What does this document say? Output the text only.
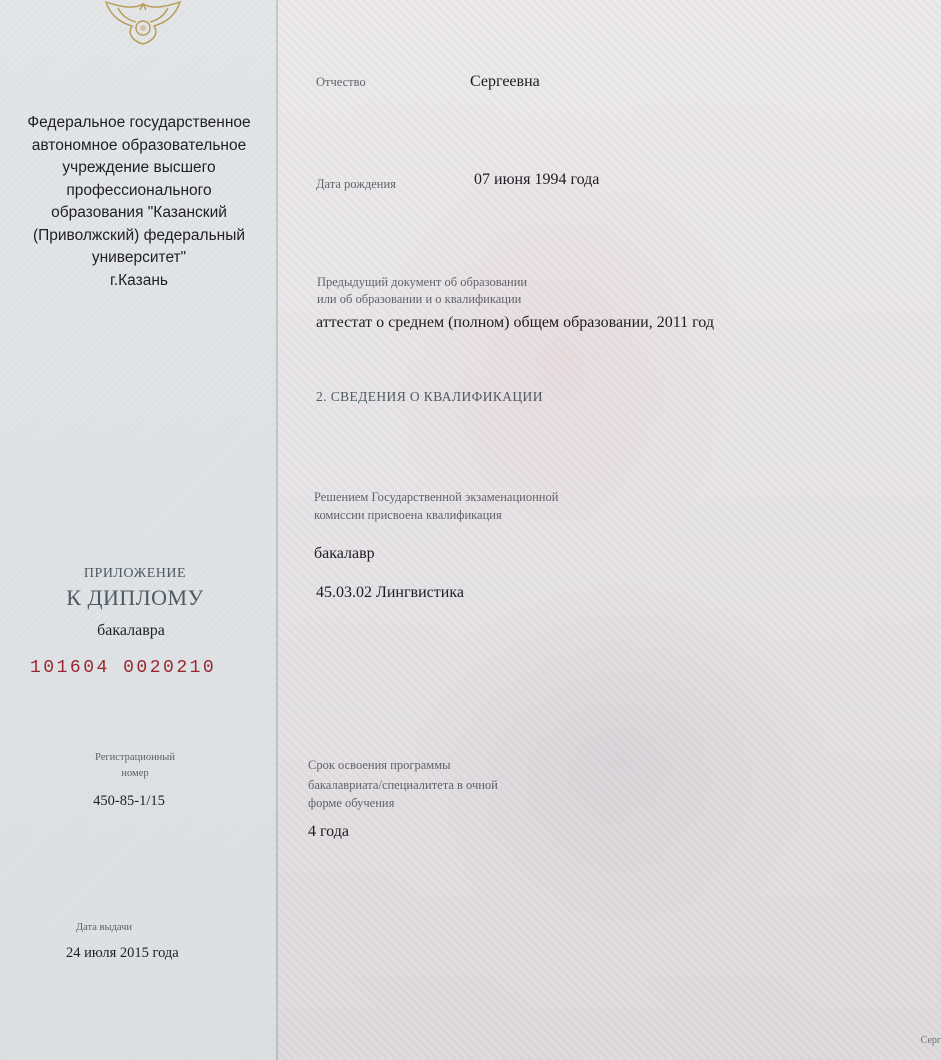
Федеральное государственное
автономное образовательное
учреждение высшего
профессионального
образования "Казанский
(Приволжский) федеральный
университет"
г.Казань
ПРИЛОЖЕНИЕ
К ДИПЛОМУ
бакалавра
101604 0020210
Регистрационный
номер
450-85-1/15
Дата выдачи
24 июля 2015 года
Отчество	Сергеевна
Дата рождения	07 июня 1994 года
Предыдущий документ об образовании
или об образовании и о квалификации
аттестат о среднем (полном) общем образовании, 2011 год
2. СВЕДЕНИЯ О КВАЛИФИКАЦИИ
Решением Государственной экзаменационной
комиссии присвоена квалификация
бакалавр
45.03.02 Лингвистика
Срок освоения программы
бакалавриата/специалитета в очной
форме обучения
4 года
Серг
